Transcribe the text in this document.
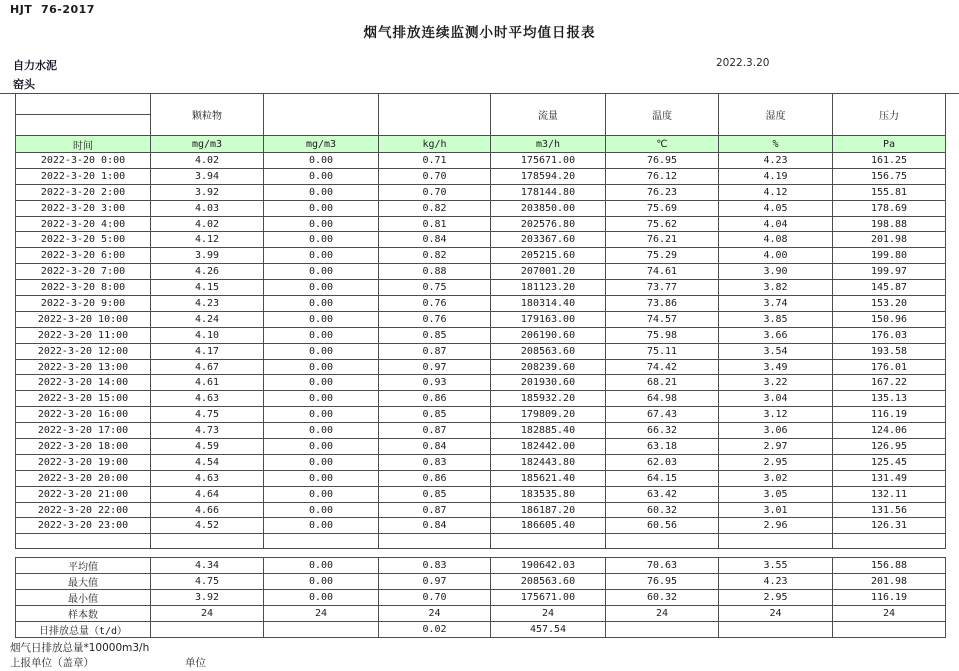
HJT  76-2017
烟气排放连续监测小时平均值日报表
2022.3.20
自力水泥
窑头
	颗粒物			流量	温度	湿度	压力

时间	mg/m3	mg/m3	kg/h	m3/h	℃	%	Pa
2022-3-20 0:00	4.02	0.00	0.71	175671.00	76.95	4.23	161.25
2022-3-20 1:00	3.94	0.00	0.70	178594.20	76.12	4.19	156.75
2022-3-20 2:00	3.92	0.00	0.70	178144.80	76.23	4.12	155.81
2022-3-20 3:00	4.03	0.00	0.82	203850.00	75.69	4.05	178.69
2022-3-20 4:00	4.02	0.00	0.81	202576.80	75.62	4.04	198.88
2022-3-20 5:00	4.12	0.00	0.84	203367.60	76.21	4.08	201.98
2022-3-20 6:00	3.99	0.00	0.82	205215.60	75.29	4.00	199.80
2022-3-20 7:00	4.26	0.00	0.88	207001.20	74.61	3.90	199.97
2022-3-20 8:00	4.15	0.00	0.75	181123.20	73.77	3.82	145.87
2022-3-20 9:00	4.23	0.00	0.76	180314.40	73.86	3.74	153.20
2022-3-20 10:00	4.24	0.00	0.76	179163.00	74.57	3.85	150.96
2022-3-20 11:00	4.10	0.00	0.85	206190.60	75.98	3.66	176.03
2022-3-20 12:00	4.17	0.00	0.87	208563.60	75.11	3.54	193.58
2022-3-20 13:00	4.67	0.00	0.97	208239.60	74.42	3.49	176.01
2022-3-20 14:00	4.61	0.00	0.93	201930.60	68.21	3.22	167.22
2022-3-20 15:00	4.63	0.00	0.86	185932.20	64.98	3.04	135.13
2022-3-20 16:00	4.75	0.00	0.85	179809.20	67.43	3.12	116.19
2022-3-20 17:00	4.73	0.00	0.87	182885.40	66.32	3.06	124.06
2022-3-20 18:00	4.59	0.00	0.84	182442.00	63.18	2.97	126.95
2022-3-20 19:00	4.54	0.00	0.83	182443.80	62.03	2.95	125.45
2022-3-20 20:00	4.63	0.00	0.86	185621.40	64.15	3.02	131.49
2022-3-20 21:00	4.64	0.00	0.85	183535.80	63.42	3.05	132.11
2022-3-20 22:00	4.66	0.00	0.87	186187.20	60.32	3.01	131.56
2022-3-20 23:00	4.52	0.00	0.84	186605.40	60.56	2.96	126.31

平均值	4.34	0.00	0.83	190642.03	70.63	3.55	156.88
最大值	4.75	0.00	0.97	208563.60	76.95	4.23	201.98
最小值	3.92	0.00	0.70	175671.00	60.32	2.95	116.19
样本数	24	24	24	24	24	24	24
日排放总量（t/d）			0.02	457.54			
烟气日排放总量*10000m3/h
上报单位（盖章）	单位
